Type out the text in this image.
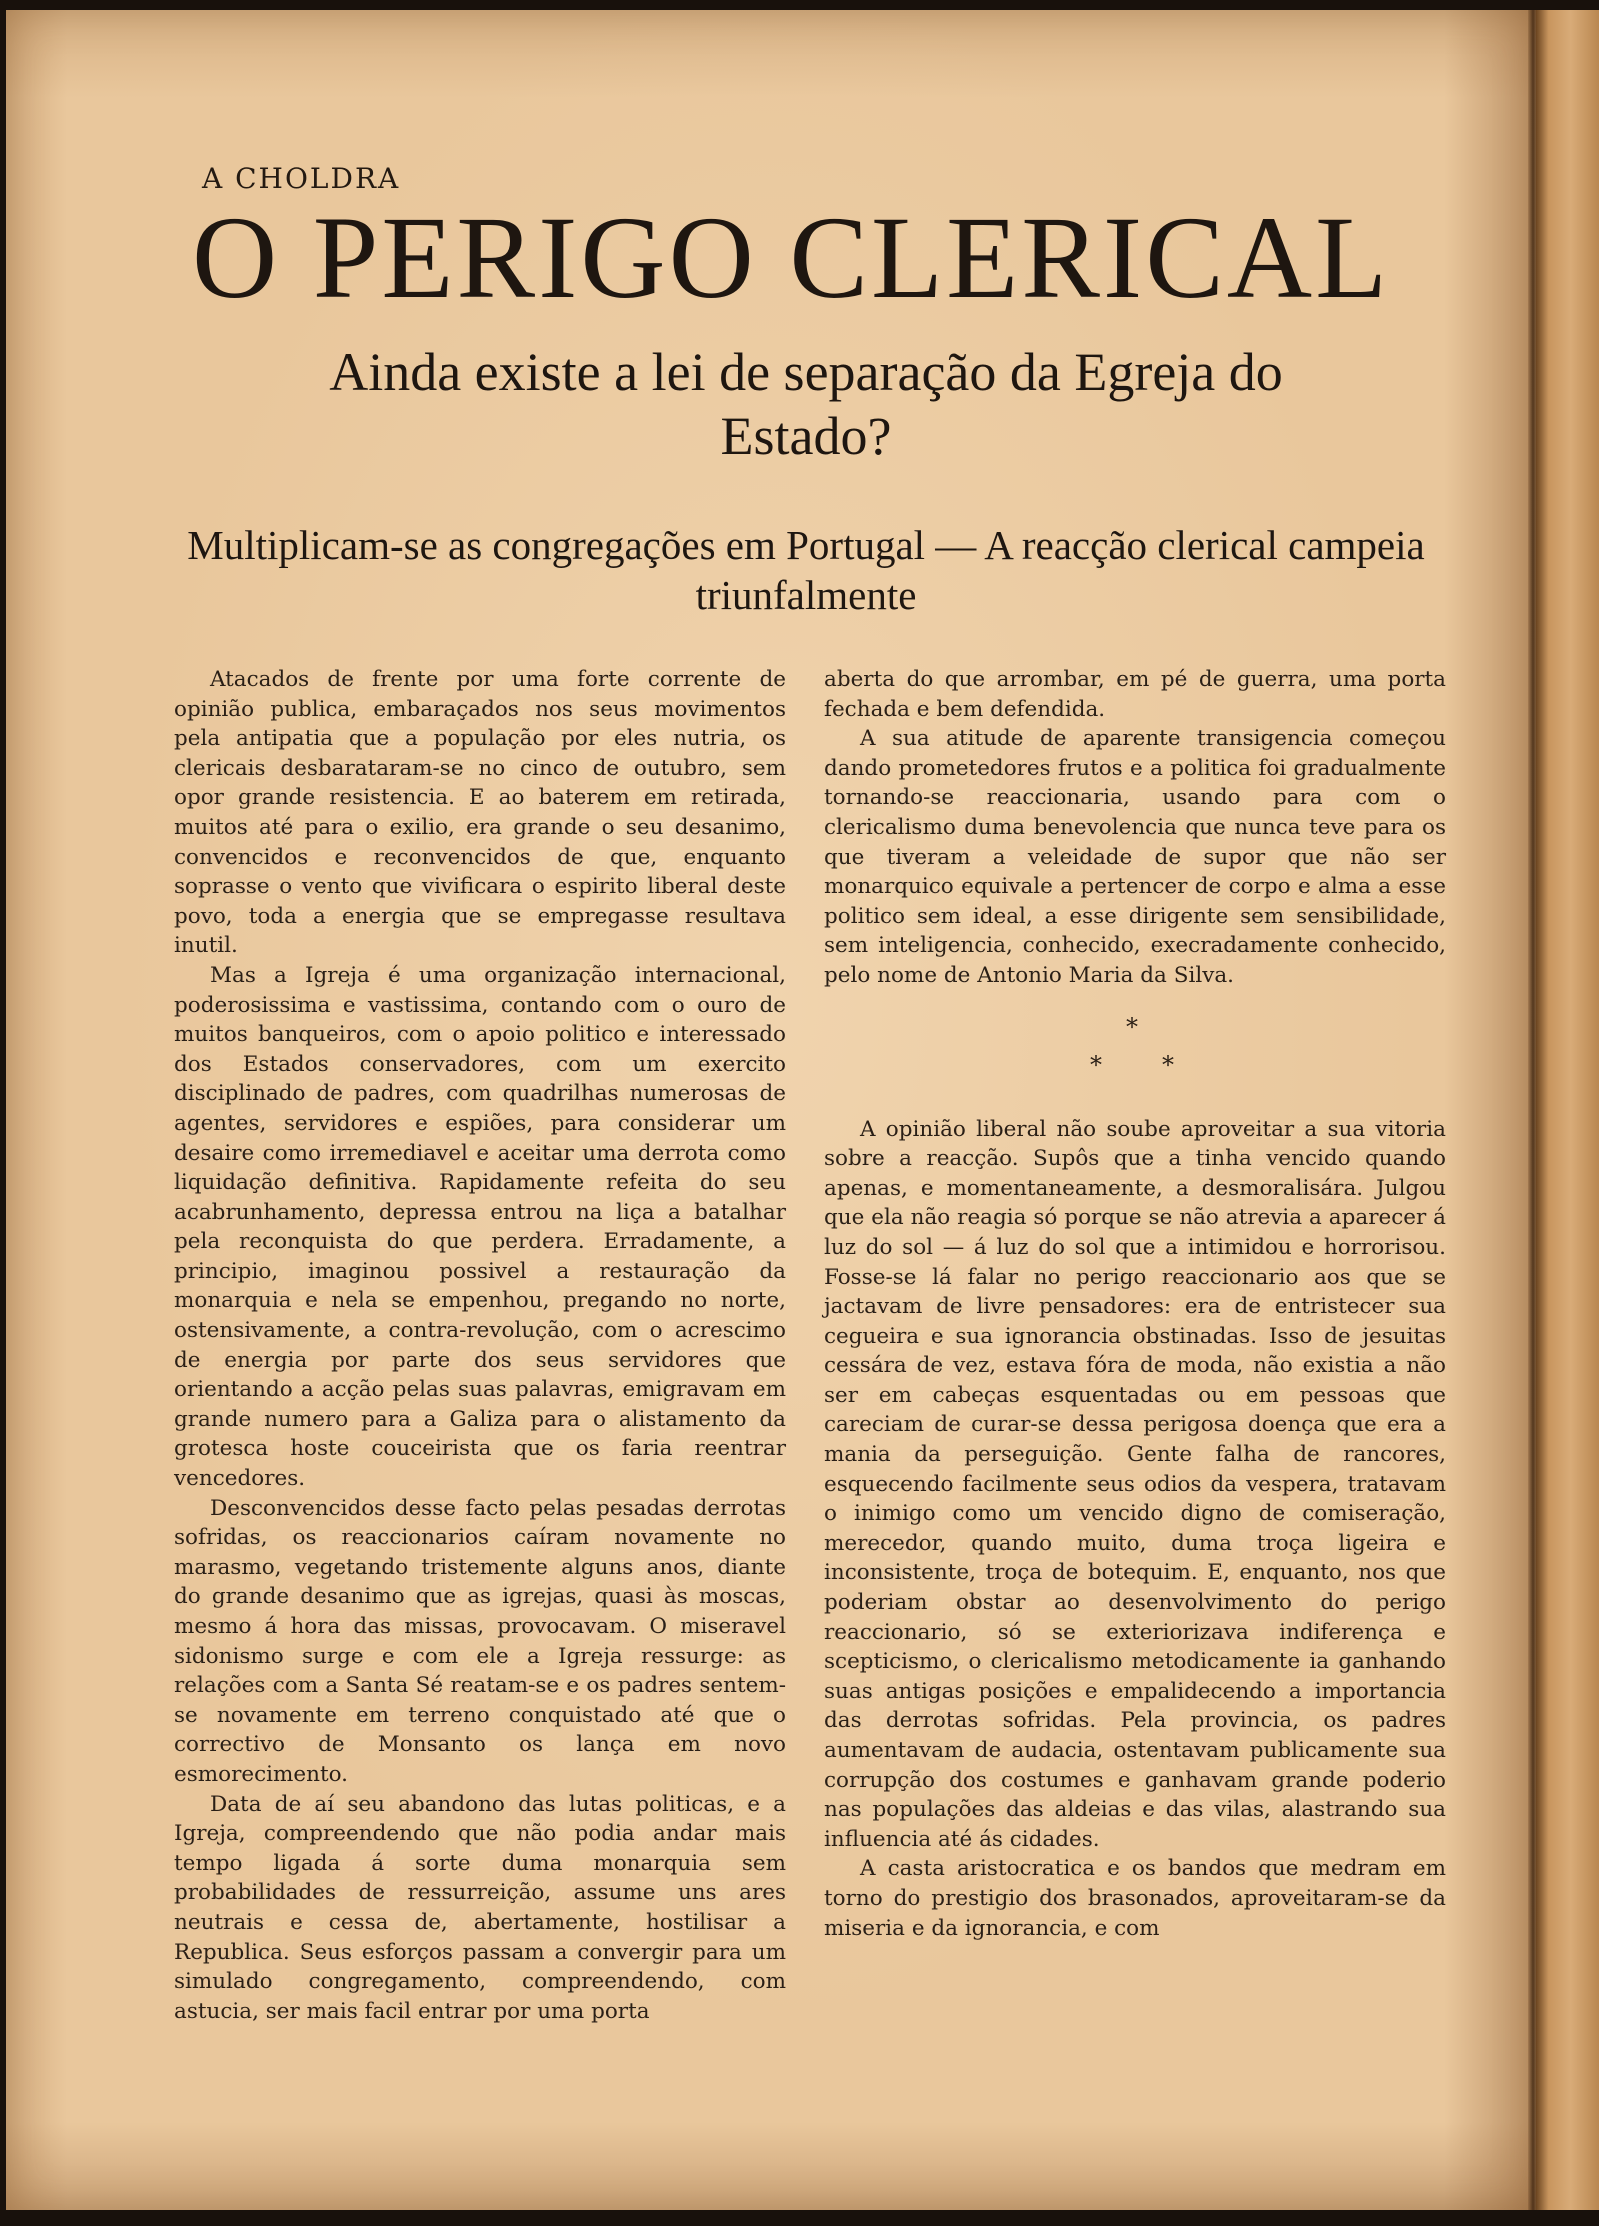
A CHOLDRA
O PERIGO CLERICAL
Ainda existe a lei de separação da Egreja do Estado?
Multiplicam-se as congregações em Portugal — A reacção clerical campeia triunfalmente

Atacados de frente por uma forte corrente de opinião publica, embaraçados nos seus movimentos pela antipatia que a população por eles nutria, os clericais desbarataram-se no cinco de outubro, sem opor grande resistencia. E ao baterem em retirada, muitos até para o exilio, era grande o seu desanimo, convencidos e reconvencidos de que, enquanto soprasse o vento que vivificara o espirito liberal deste povo, toda a energia que se empregasse resultava inutil.

Mas a Igreja é uma organização internacional, poderosissima e vastissima, contando com o ouro de muitos banqueiros, com o apoio politico e interessado dos Estados conservadores, com um exercito disciplinado de padres, com quadrilhas numerosas de agentes, servidores e espiões, para considerar um desaire como irremediavel e aceitar uma derrota como liquidação definitiva. Rapidamente refeita do seu acabrunhamento, depressa entrou na liça a batalhar pela reconquista do que perdera. Erradamente, a principio, imaginou possivel a restauração da monarquia e nela se empenhou, pregando no norte, ostensivamente, a contra-revolução, com o acrescimo de energia por parte dos seus servidores que orientando a acção pelas suas palavras, emigravam em grande numero para a Galiza para o alistamento da grotesca hoste couceirista que os faria reentrar vencedores.

Desconvencidos desse facto pelas pesadas derrotas sofridas, os reaccionarios caíram novamente no marasmo, vegetando tristemente alguns anos, diante do grande desanimo que as igrejas, quasi às moscas, mesmo á hora das missas, provocavam. O miseravel sidonismo surge e com ele a Igreja ressurge: as relações com a Santa Sé reatam-se e os padres sentem-se novamente em terreno conquistado até que o correctivo de Monsanto os lança em novo esmorecimento.

Data de aí seu abandono das lutas politicas, e a Igreja, compreendendo que não podia andar mais tempo ligada á sorte duma monarquia sem probabilidades de ressurreição, assume uns ares neutrais e cessa de, abertamente, hostilisar a Republica. Seus esforços passam a convergir para um simulado congregamento, compreendendo, com astucia, ser mais facil entrar por uma porta

aberta do que arrombar, em pé de guerra, uma porta fechada e bem defendida.

A sua atitude de aparente transigencia começou dando prometedores frutos e a politica foi gradualmente tornando-se reaccionaria, usando para com o clericalismo duma benevolencia que nunca teve para os que tiveram a veleidade de supor que não ser monarquico equivale a pertencer de corpo e alma a esse politico sem ideal, a esse dirigente sem sensibilidade, sem inteligencia, conhecido, execradamente conhecido, pelo nome de Antonio Maria da Silva.

*
*	*

A opinião liberal não soube aproveitar a sua vitoria sobre a reacção. Supôs que a tinha vencido quando apenas, e momentaneamente, a desmoralisára. Julgou que ela não reagia só porque se não atrevia a aparecer á luz do sol — á luz do sol que a intimidou e horrorisou. Fosse-se lá falar no perigo reaccionario aos que se jactavam de livre pensadores: era de entristecer sua cegueira e sua ignorancia obstinadas. Isso de jesuitas cessára de vez, estava fóra de moda, não existia a não ser em cabeças esquentadas ou em pessoas que careciam de curar-se dessa perigosa doença que era a mania da perseguição. Gente falha de rancores, esquecendo facilmente seus odios da vespera, tratavam o inimigo como um vencido digno de comiseração, merecedor, quando muito, duma troça ligeira e inconsistente, troça de botequim. E, enquanto, nos que poderiam obstar ao desenvolvimento do perigo reaccionario, só se exteriorizava indiferença e scepticismo, o clericalismo metodicamente ia ganhando suas antigas posições e empalidecendo a importancia das derrotas sofridas. Pela provincia, os padres aumentavam de audacia, ostentavam publicamente sua corrupção dos costumes e ganhavam grande poderio nas populações das aldeias e das vilas, alastrando sua influencia até ás cidades.

A casta aristocratica e os bandos que medram em torno do prestigio dos brasonados, aproveitaram-se da miseria e da ignorancia, e com
